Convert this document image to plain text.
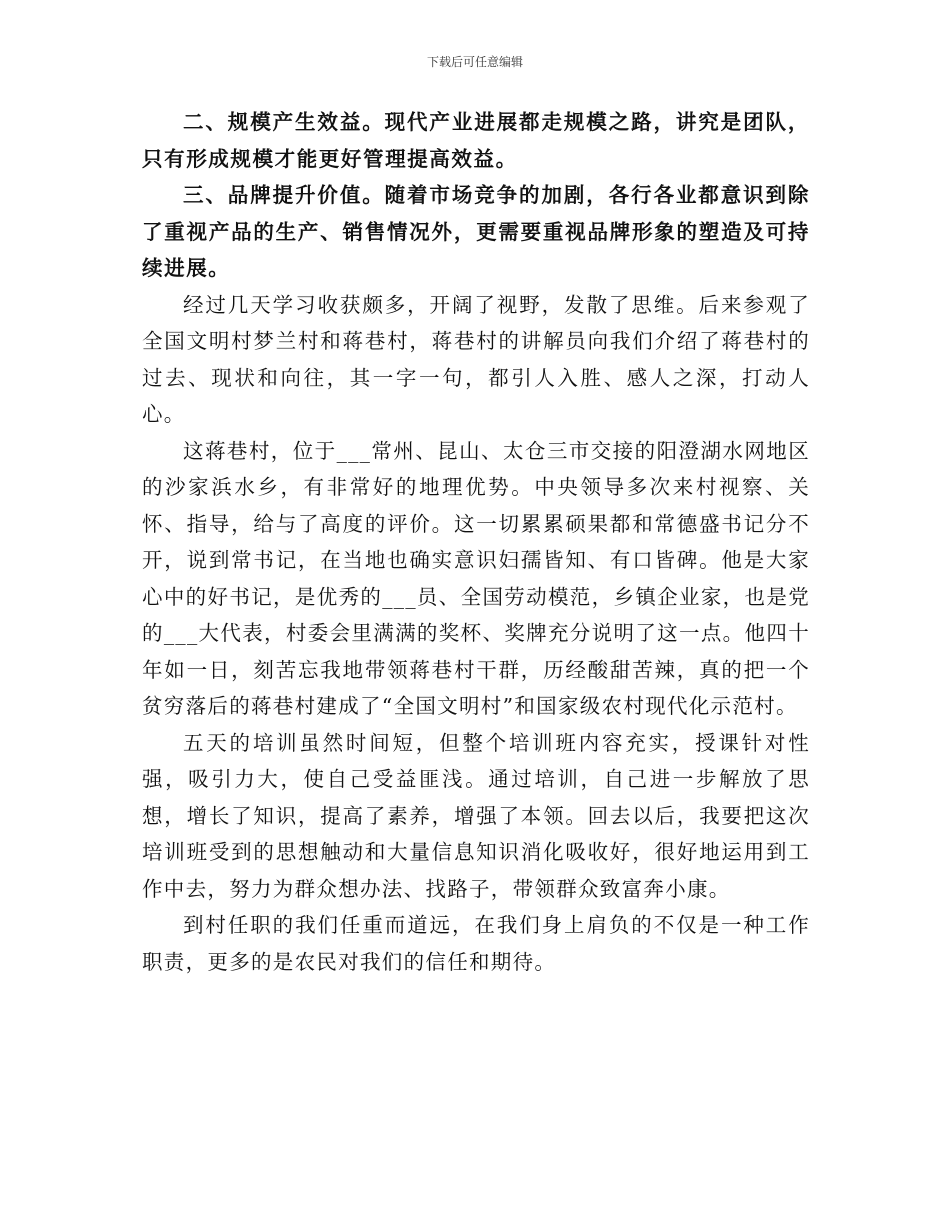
下载后可任意编辑

二、规模产生效益。现代产业进展都走规模之路，讲究是团队，只有形成规模才能更好管理提高效益。

三、品牌提升价值。随着市场竞争的加剧，各行各业都意识到除了重视产品的生产、销售情况外，更需要重视品牌形象的塑造及可持续进展。

经过几天学习收获颇多，开阔了视野，发散了思维。后来参观了全国文明村梦兰村和蒋巷村，蒋巷村的讲解员向我们介绍了蒋巷村的过去、现状和向往，其一字一句，都引人入胜、感人之深，打动人心。

这蒋巷村，位于___常州、昆山、太仓三市交接的阳澄湖水网地区的沙家浜水乡，有非常好的地理优势。中央领导多次来村视察、关怀、指导，给与了高度的评价。这一切累累硕果都和常德盛书记分不开，说到常书记，在当地也确实意识妇孺皆知、有口皆碑。他是大家心中的好书记，是优秀的___员、全国劳动模范，乡镇企业家，也是党的___大代表，村委会里满满的奖杯、奖牌充分说明了这一点。他四十年如一日，刻苦忘我地带领蒋巷村干群，历经酸甜苦辣，真的把一个贫穷落后的蒋巷村建成了“全国文明村”和国家级农村现代化示范村。

五天的培训虽然时间短，但整个培训班内容充实，授课针对性强，吸引力大，使自己受益匪浅。通过培训，自己进一步解放了思想，增长了知识，提高了素养，增强了本领。回去以后，我要把这次培训班受到的思想触动和大量信息知识消化吸收好，很好地运用到工作中去，努力为群众想办法、找路子，带领群众致富奔小康。

到村任职的我们任重而道远，在我们身上肩负的不仅是一种工作职责，更多的是农民对我们的信任和期待。
